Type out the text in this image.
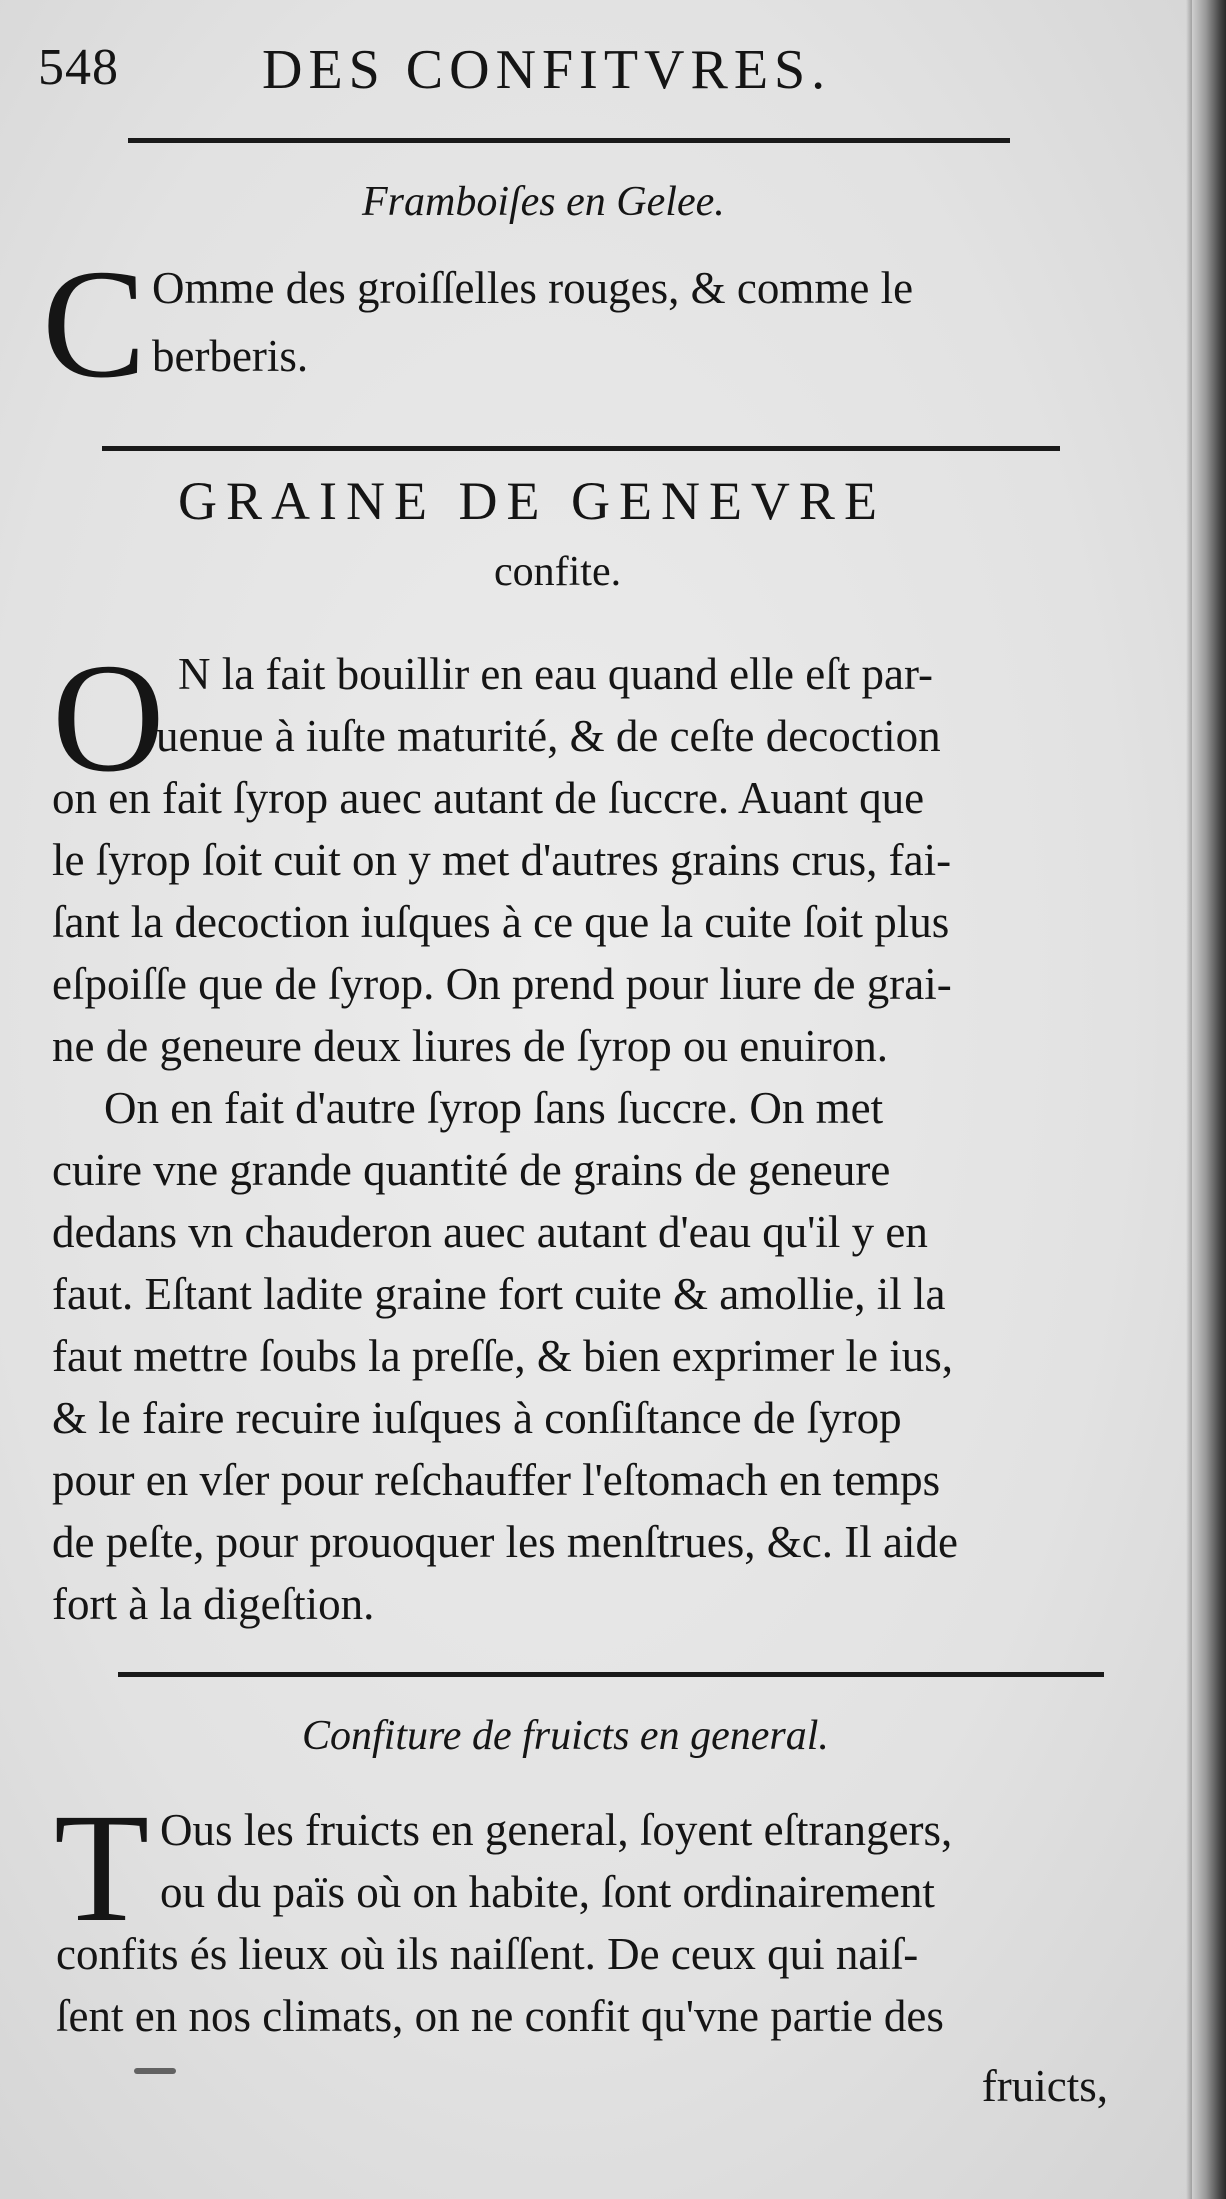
548	DES CONFITVRES.
Framboiſes en Gelee.
C Omme des groiſſelles rouges, & comme le
berberis.
GRAINE DE GENEVRE
confite.
O N la fait bouillir en eau quand elle eſt par-
uenue à iuſte maturité, & de ceſte decoction
on en fait ſyrop auec autant de ſuccre. Auant que
le ſyrop ſoit cuit on y met d'autres grains crus, fai-
ſant la decoction iuſques à ce que la cuite ſoit plus
eſpoiſſe que de ſyrop. On prend pour liure de grai-
ne de geneure deux liures de ſyrop ou enuiron.
On en fait d'autre ſyrop ſans ſuccre. On met
cuire vne grande quantité de grains de geneure
dedans vn chauderon auec autant d'eau qu'il y en
faut. Eſtant ladite graine fort cuite & amollie, il la
faut mettre ſoubs la preſſe, & bien exprimer le ius,
& le faire recuire iuſques à conſiſtance de ſyrop
pour en vſer pour reſchauffer l'eſtomach en temps
de peſte, pour prouoquer les menſtrues, &c. Il aide
fort à la digeſtion.
Confiture de fruicts en general.
T Ous les fruicts en general, ſoyent eſtrangers,
ou du païs où on habite, ſont ordinairement
confits és lieux où ils naiſſent. De ceux qui naiſ-
ſent en nos climats, on ne confit qu'vne partie des
fruicts,
